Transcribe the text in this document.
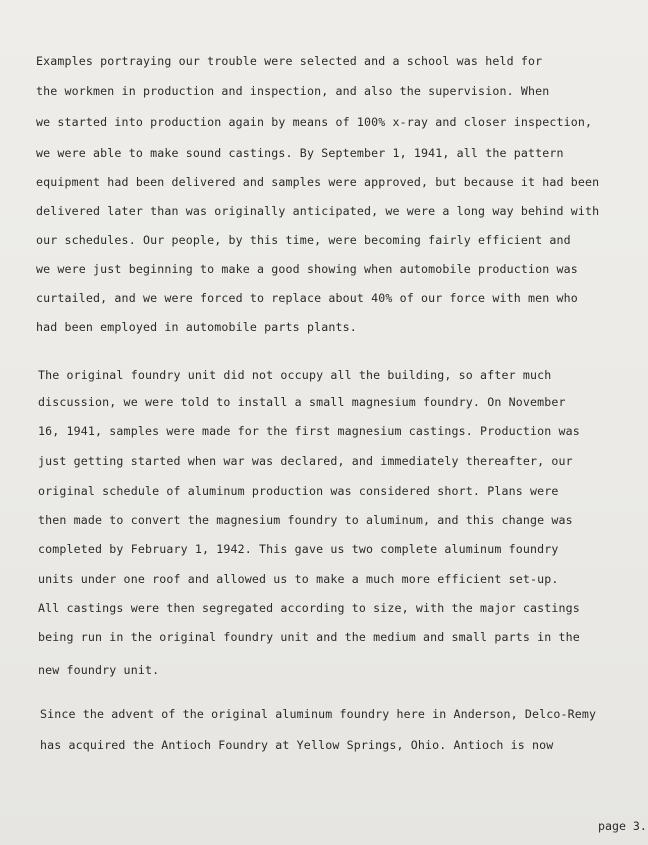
Examples portraying our trouble were selected and a school was held for
the workmen in production and inspection, and also the supervision. When
we started into production again by means of 100% x-ray and closer inspection,
we were able to make sound castings. By September 1, 1941, all the pattern
equipment had been delivered and samples were approved, but because it had been
delivered later than was originally anticipated, we were a long way behind with
our schedules. Our people, by this time, were becoming fairly efficient and
we were just beginning to make a good showing when automobile production was
curtailed, and we were forced to replace about 40% of our force with men who
had been employed in automobile parts plants.
The original foundry unit did not occupy all the building, so after much
discussion, we were told to install a small magnesium foundry. On November
16, 1941, samples were made for the first magnesium castings. Production was
just getting started when war was declared, and immediately thereafter, our
original schedule of aluminum production was considered short. Plans were
then made to convert the magnesium foundry to aluminum, and this change was
completed by February 1, 1942. This gave us two complete aluminum foundry
units under one roof and allowed us to make a much more efficient set-up.
All castings were then segregated according to size, with the major castings
being run in the original foundry unit and the medium and small parts in the
new foundry unit.
Since the advent of the original aluminum foundry here in Anderson, Delco-Remy
has acquired the Antioch Foundry at Yellow Springs, Ohio. Antioch is now
page 3.
